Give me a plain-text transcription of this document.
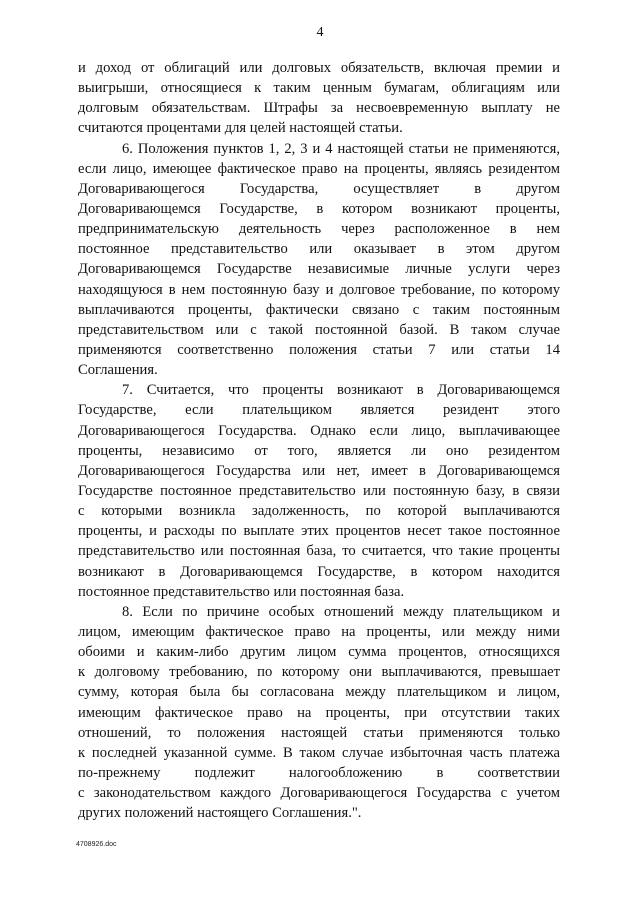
4
и доход от облигаций или долговых обязательств, включая премии и
выигрыши, относящиеся к таким ценным бумагам, облигациям или
долговым обязательствам. Штрафы за несвоевременную выплату не
считаются процентами для целей настоящей статьи.
6. Положения пунктов 1, 2, 3 и 4 настоящей статьи не применяются,
если лицо, имеющее фактическое право на проценты, являясь резидентом
Договаривающегося Государства, осуществляет в другом
Договаривающемся Государстве, в котором возникают проценты,
предпринимательскую деятельность через расположенное в нем
постоянное представительство или оказывает в этом другом
Договаривающемся Государстве независимые личные услуги через
находящуюся в нем постоянную базу и долговое требование, по которому
выплачиваются проценты, фактически связано с таким постоянным
представительством или с такой постоянной базой. В таком случае
применяются соответственно положения статьи 7 или статьи 14
Соглашения.
7. Считается, что проценты возникают в Договаривающемся
Государстве, если плательщиком является резидент этого
Договаривающегося Государства. Однако если лицо, выплачивающее
проценты, независимо от того, является ли оно резидентом
Договаривающегося Государства или нет, имеет в Договаривающемся
Государстве постоянное представительство или постоянную базу, в связи
с которыми возникла задолженность, по которой выплачиваются
проценты, и расходы по выплате этих процентов несет такое постоянное
представительство или постоянная база, то считается, что такие проценты
возникают в Договаривающемся Государстве, в котором находится
постоянное представительство или постоянная база.
8. Если по причине особых отношений между плательщиком и
лицом, имеющим фактическое право на проценты, или между ними
обоими и каким-либо другим лицом сумма процентов, относящихся
к долговому требованию, по которому они выплачиваются, превышает
сумму, которая была бы согласована между плательщиком и лицом,
имеющим фактическое право на проценты, при отсутствии таких
отношений, то положения настоящей статьи применяются только
к последней указанной сумме. В таком случае избыточная часть платежа
по-прежнему подлежит налогообложению в соответствии
с законодательством каждого Договаривающегося Государства с учетом
других положений настоящего Соглашения.".
4708926.doc
